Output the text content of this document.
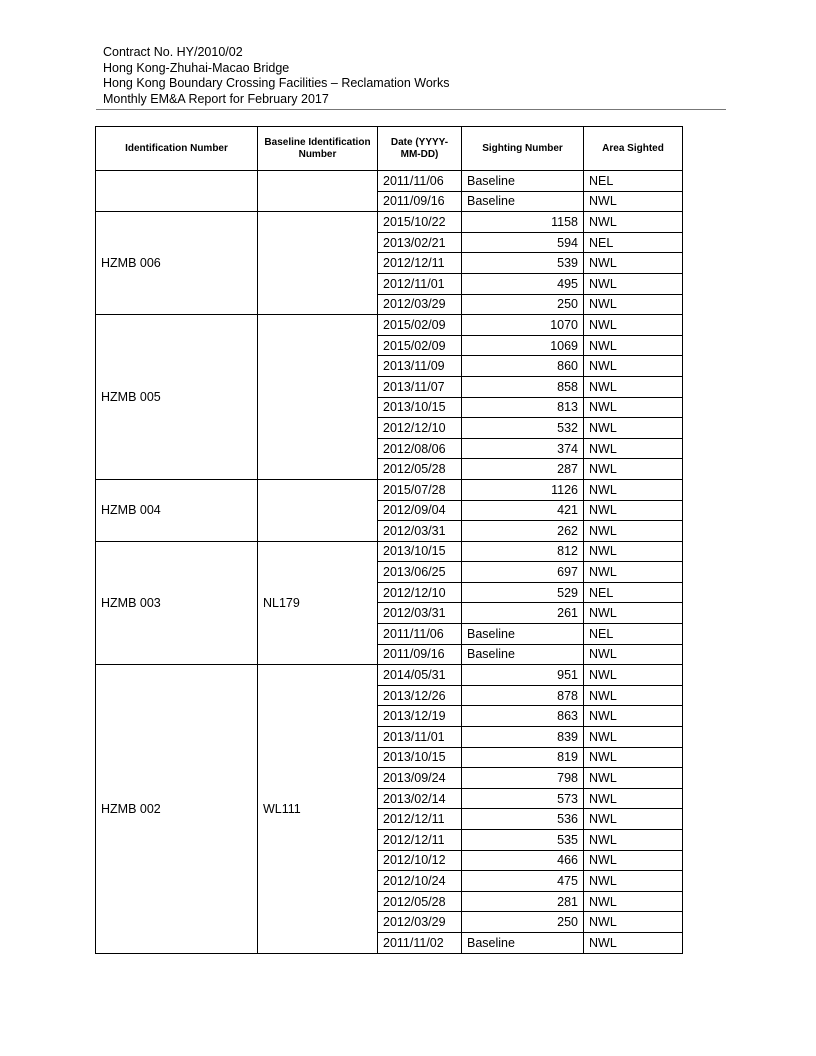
Contract No. HY/2010/02
Hong Kong-Zhuhai-Macao Bridge
Hong Kong Boundary Crossing Facilities – Reclamation Works
Monthly EM&A Report for February 2017
Identification Number	Baseline Identification Number	Date (YYYY-MM-DD)	Sighting Number	Area Sighted
		2011/11/06	Baseline	NEL
		2011/09/16	Baseline	NWL
HZMB 006		2015/10/22	1158	NWL
		2013/02/21	594	NEL
		2012/12/11	539	NWL
		2012/11/01	495	NWL
		2012/03/29	250	NWL
HZMB 005		2015/02/09	1070	NWL
		2015/02/09	1069	NWL
		2013/11/09	860	NWL
		2013/11/07	858	NWL
		2013/10/15	813	NWL
		2012/12/10	532	NWL
		2012/08/06	374	NWL
		2012/05/28	287	NWL
HZMB 004		2015/07/28	1126	NWL
		2012/09/04	421	NWL
		2012/03/31	262	NWL
HZMB 003	NL179	2013/10/15	812	NWL
		2013/06/25	697	NWL
		2012/12/10	529	NEL
		2012/03/31	261	NWL
		2011/11/06	Baseline	NEL
		2011/09/16	Baseline	NWL
HZMB 002	WL111	2014/05/31	951	NWL
		2013/12/26	878	NWL
		2013/12/19	863	NWL
		2013/11/01	839	NWL
		2013/10/15	819	NWL
		2013/09/24	798	NWL
		2013/02/14	573	NWL
		2012/12/11	536	NWL
		2012/12/11	535	NWL
		2012/10/12	466	NWL
		2012/10/24	475	NWL
		2012/05/28	281	NWL
		2012/03/29	250	NWL
		2011/11/02	Baseline	NWL
